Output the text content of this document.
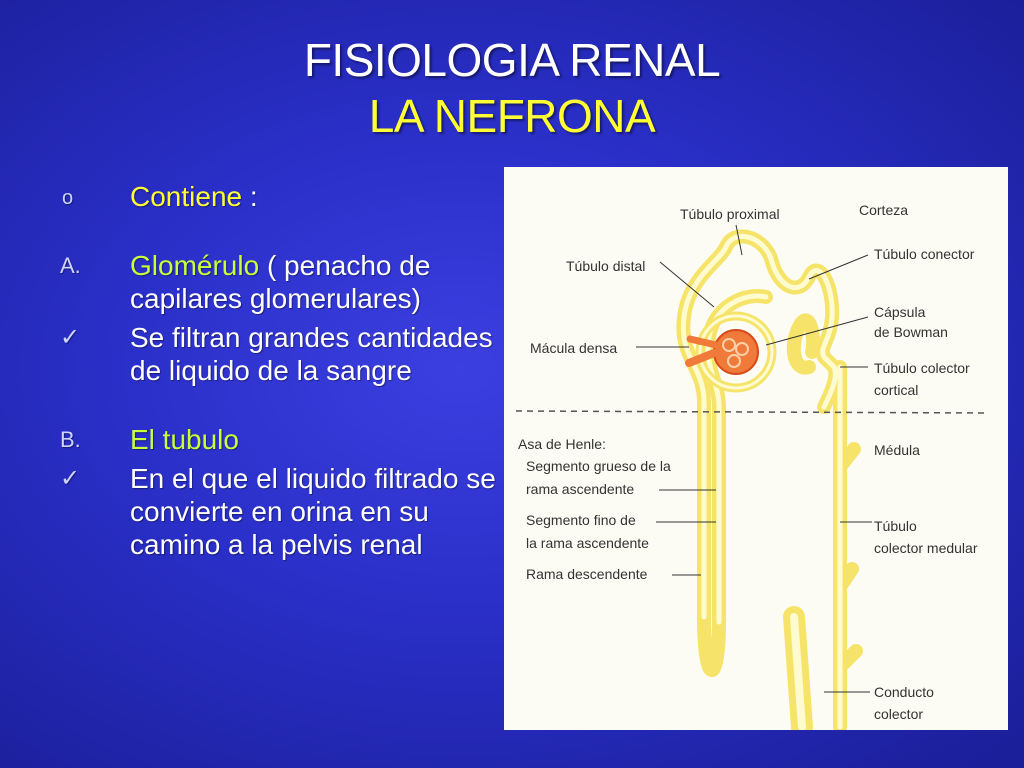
FISIOLOGIA RENAL
LA NEFRONA
o Contiene :
A. Glomérulo ( penacho de capilares glomerulares)
✓ Se filtran grandes cantidades de liquido de la sangre
B. El tubulo
✓ En el que el liquido filtrado se convierte en orina en su camino a la pelvis renal
Túbulo proximal	Corteza
Túbulo conector
Túbulo distal
Cápsula
de Bowman
Mácula densa
Túbulo colector
cortical
Asa de Henle:
Segmento grueso de la
rama ascendente
Médula
Segmento fino de
la rama ascendente
Túbulo
colector medular
Rama descendente
Conducto
colector
